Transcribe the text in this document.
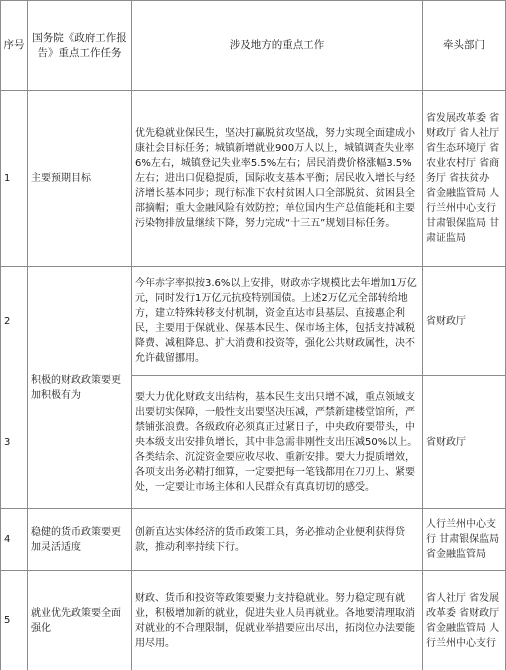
序号
国务院《政府工作报告》重点工作任务
涉及地方的重点工作	牵头部门
1	主要预期目标
优先稳就业保民生，坚决打赢脱贫攻坚战，努力实现全面建成小康社会目标任务；城镇新增就业900万人以上，城镇调查失业率6%左右，城镇登记失业率5.5%左右；居民消费价格涨幅3.5%左右；进出口促稳提质，国际收支基本平衡；居民收入增长与经济增长基本同步；现行标准下农村贫困人口全部脱贫、贫困县全部摘帽；重大金融风险有效防控；单位国内生产总值能耗和主要污染物排放量继续下降，努力完成“十三五”规划目标任务。
省发展改革委 省财政厅 省人社厅 省生态环境厅 省农业农村厅 省商务厅 省扶贫办 省金融监管局 人行兰州中心支行 甘肃银保监局 甘肃证监局
2
积极的财政政策要更加积极有为
今年赤字率拟按3.6%以上安排，财政赤字规模比去年增加1万亿元，同时发行1万亿元抗疫特别国债。上述2万亿元全部转给地方，建立特殊转移支付机制，资金直达市县基层、直接惠企利民，主要用于保就业、保基本民生、保市场主体，包括支持减税降费、减租降息、扩大消费和投资等，强化公共财政属性，决不允许截留挪用。
省财政厅
3
要大力优化财政支出结构，基本民生支出只增不减，重点领域支出要切实保障，一般性支出要坚决压减，严禁新建楼堂馆所，严禁铺张浪费。各级政府必须真正过紧日子，中央政府要带头，中央本级支出安排负增长，其中非急需非刚性支出压减50%以上。各类结余、沉淀资金要应收尽收、重新安排。要大力提质增效，各项支出务必精打细算，一定要把每一笔钱都用在刀刃上、紧要处，一定要让市场主体和人民群众有真真切切的感受。
省财政厅
4
稳健的货币政策要更加灵活适度
创新直达实体经济的货币政策工具，务必推动企业便利获得贷款，推动利率持续下行。
人行兰州中心支行 甘肃银保监局 省金融监管局
5
就业优先政策要全面强化
财政、货币和投资等政策要聚力支持稳就业。努力稳定现有就业，积极增加新的就业，促进失业人员再就业。各地要清理取消对就业的不合理限制，促就业举措要应出尽出，拓岗位办法要能用尽用。
省人社厅 省发展改革委 省财政厅 省金融监管局 人行兰州中心支行
